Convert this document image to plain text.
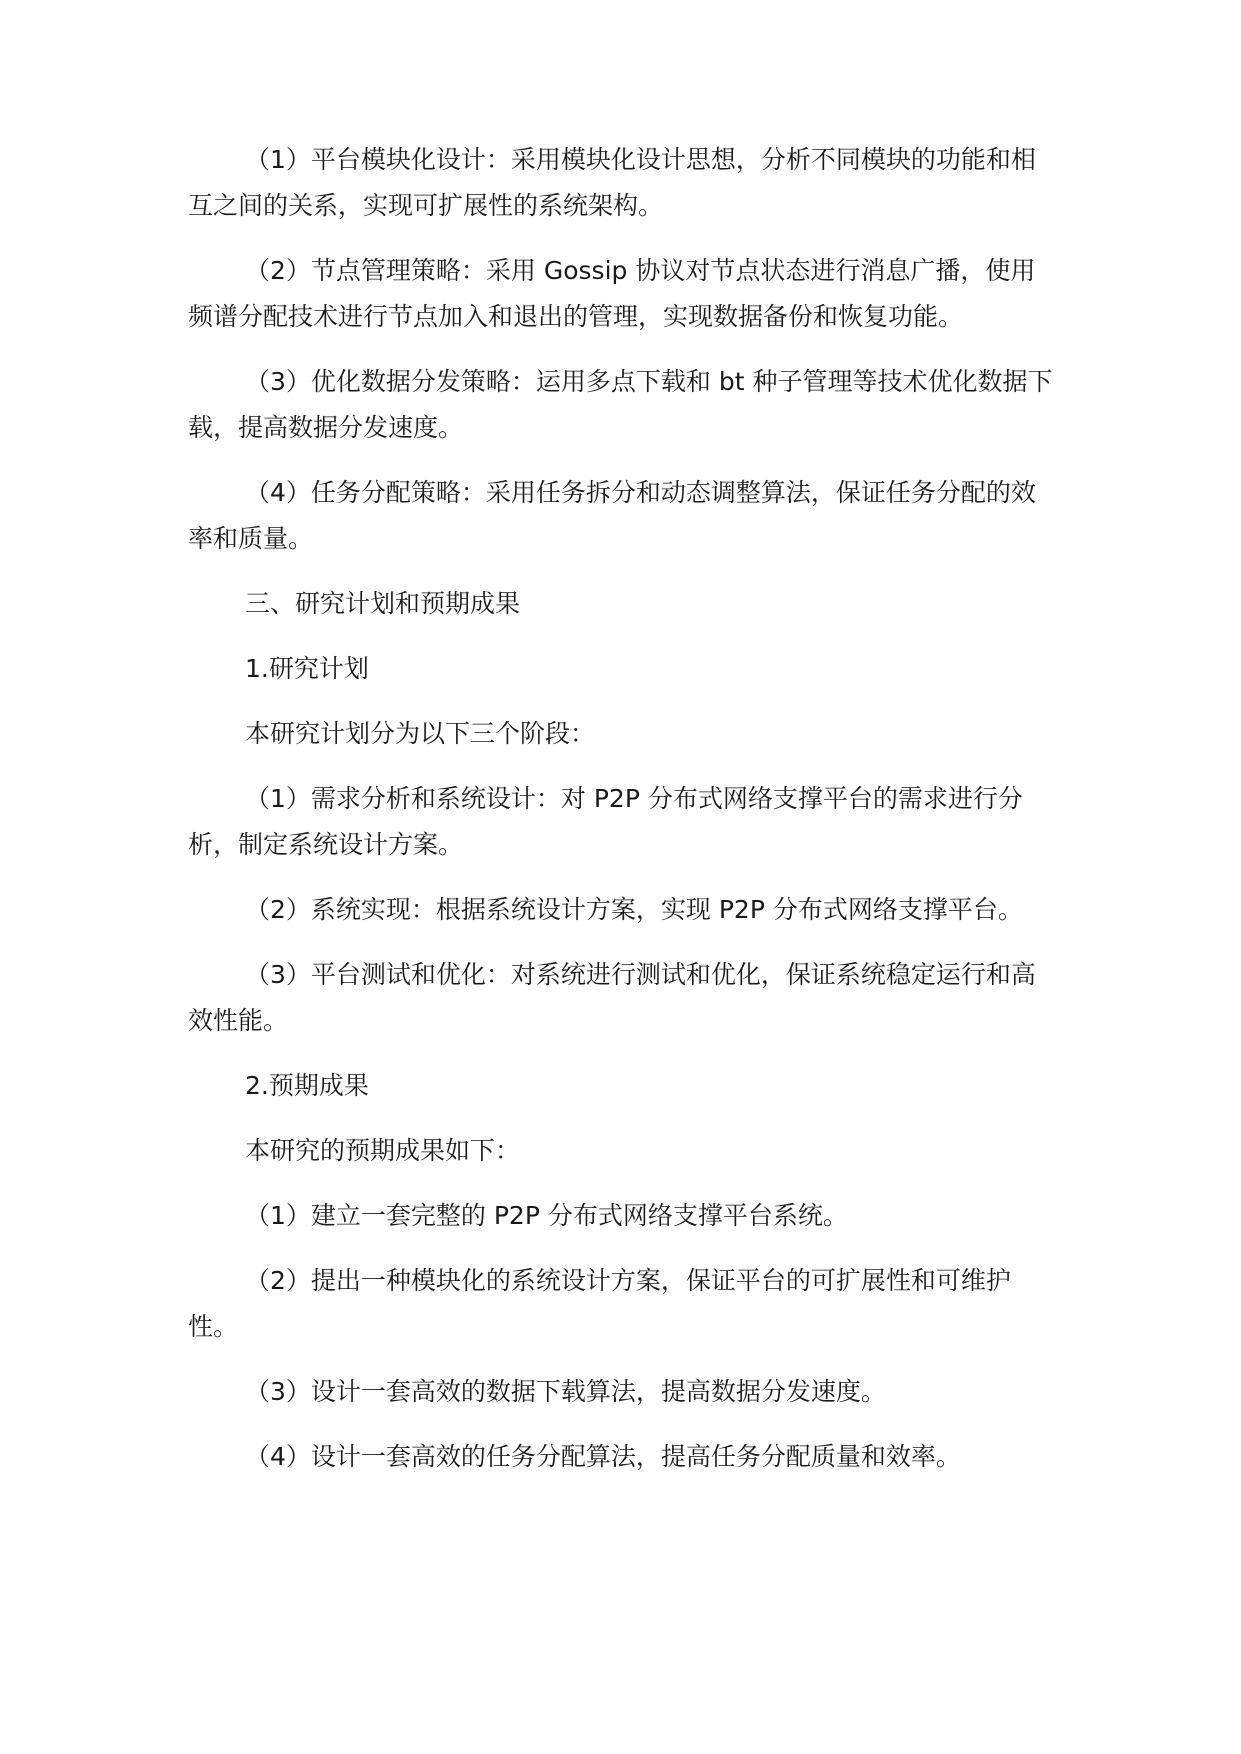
（1）平台模块化设计：采用模块化设计思想，分析不同模块的功能和相互之间的关系，实现可扩展性的系统架构。

（2）节点管理策略：采用 Gossip 协议对节点状态进行消息广播，使用频谱分配技术进行节点加入和退出的管理，实现数据备份和恢复功能。

（3）优化数据分发策略：运用多点下载和 bt 种子管理等技术优化数据下载，提高数据分发速度。

（4）任务分配策略：采用任务拆分和动态调整算法，保证任务分配的效率和质量。

三、研究计划和预期成果

1.研究计划

本研究计划分为以下三个阶段：

（1）需求分析和系统设计：对 P2P 分布式网络支撑平台的需求进行分析，制定系统设计方案。

（2）系统实现：根据系统设计方案，实现 P2P 分布式网络支撑平台。

（3）平台测试和优化：对系统进行测试和优化，保证系统稳定运行和高效性能。

2.预期成果

本研究的预期成果如下：

（1）建立一套完整的 P2P 分布式网络支撑平台系统。

（2）提出一种模块化的系统设计方案，保证平台的可扩展性和可维护性。

（3）设计一套高效的数据下载算法，提高数据分发速度。

（4）设计一套高效的任务分配算法，提高任务分配质量和效率。
